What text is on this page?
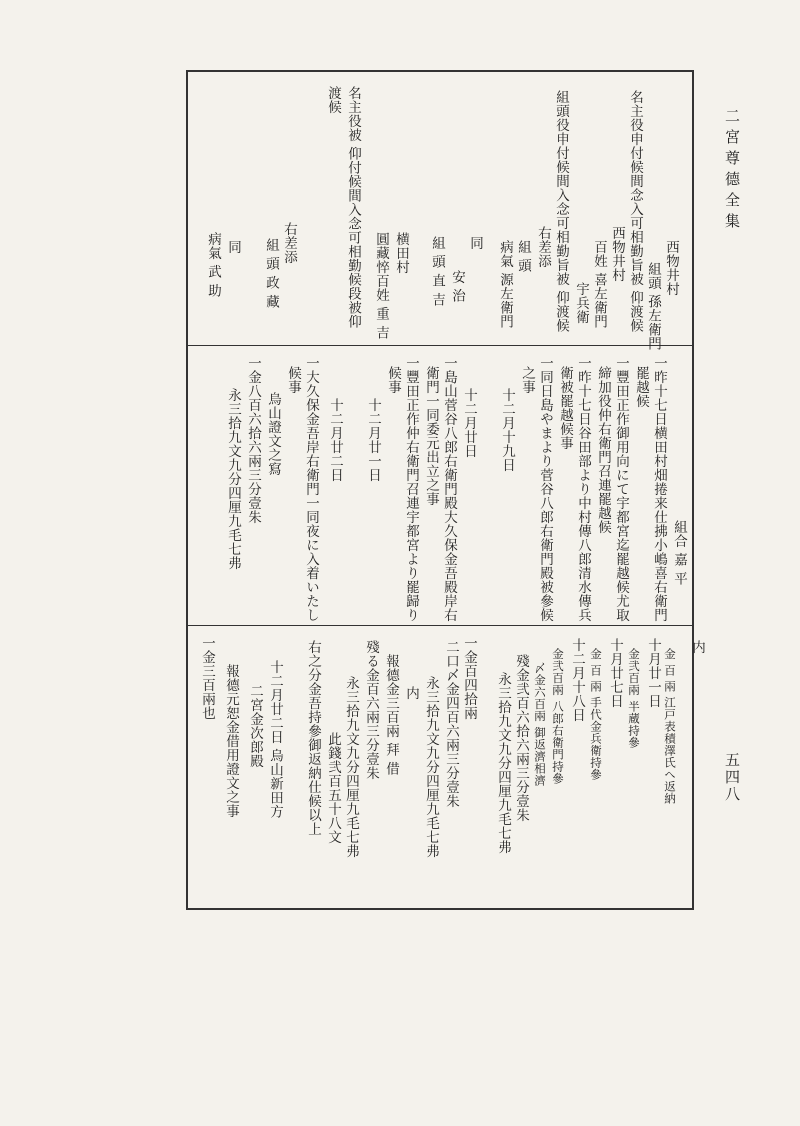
二宮尊德全集
五四八
西物井村
組頭 孫左衛門
名主役申付候間念入可相勤旨被 仰渡候
西物井村
百姓 喜左衛門
宇兵衛
組頭役申付候間入念可相勤旨被 仰渡候
右差添
組 頭
病氣 源左衛門
同
安 治
組 頭 直 吉
横田村
圓藏悴百姓 重 吉
名主役被 仰付候間入念可相勤候段被仰
渡候
右差添
組 頭 政 藏
同
病氣 武 助
組合 嘉 平
一昨十七日横田村畑捲来仕拂小嶋喜右衛門
罷越候
一豐田正作御用向にて宇都宮迄罷越候尤取
締加役仲右衛門召連罷越候
一昨十七日谷田部より中村傳八郎清水傳兵
衛被罷越候事
一同日島やまより菅谷八郎右衛門殿被參候
之事
十二月十九日
十二月廿日
一島山菅谷八郎右衛門殿大久保金吾殿岸右
衛門一同委元出立之事
一豐田正作仲右衛門召連宇都宮より罷歸り
候事
十二月廿一日
十二月廿二日
一大久保金吾岸右衛門一同夜に入着いたし
候事
烏山證文之寫
一金八百六拾六兩三分壹朱
永三拾九文九分四厘九毛七弗
内
金 百 兩 江戸表積澤氏へ返納
十月廿一日
金弐百兩 半蔵持參
十月廿七日
金 百 兩 手代金兵衛持參
十二月十八日
金弐百兩 八郎右衛門持參
〆金六百兩 御返濟相濟
殘金弐百六拾六兩三分壹朱
永三拾九文九分四厘九毛七弗
一金百四拾兩
二口〆金四百六兩三分壹朱
永三拾九文九分四厘九毛七弗
内
報德金三百兩 拜 借
殘る金百六兩三分壹朱
永三拾九文九分四厘九毛七弗
此錢弐百五十八文
右之分金吾持參御返納仕候以上
十二月廿二日 烏山新田方
二宮金次郎殿
報德元恕金借用證文之事
一金三百兩也
